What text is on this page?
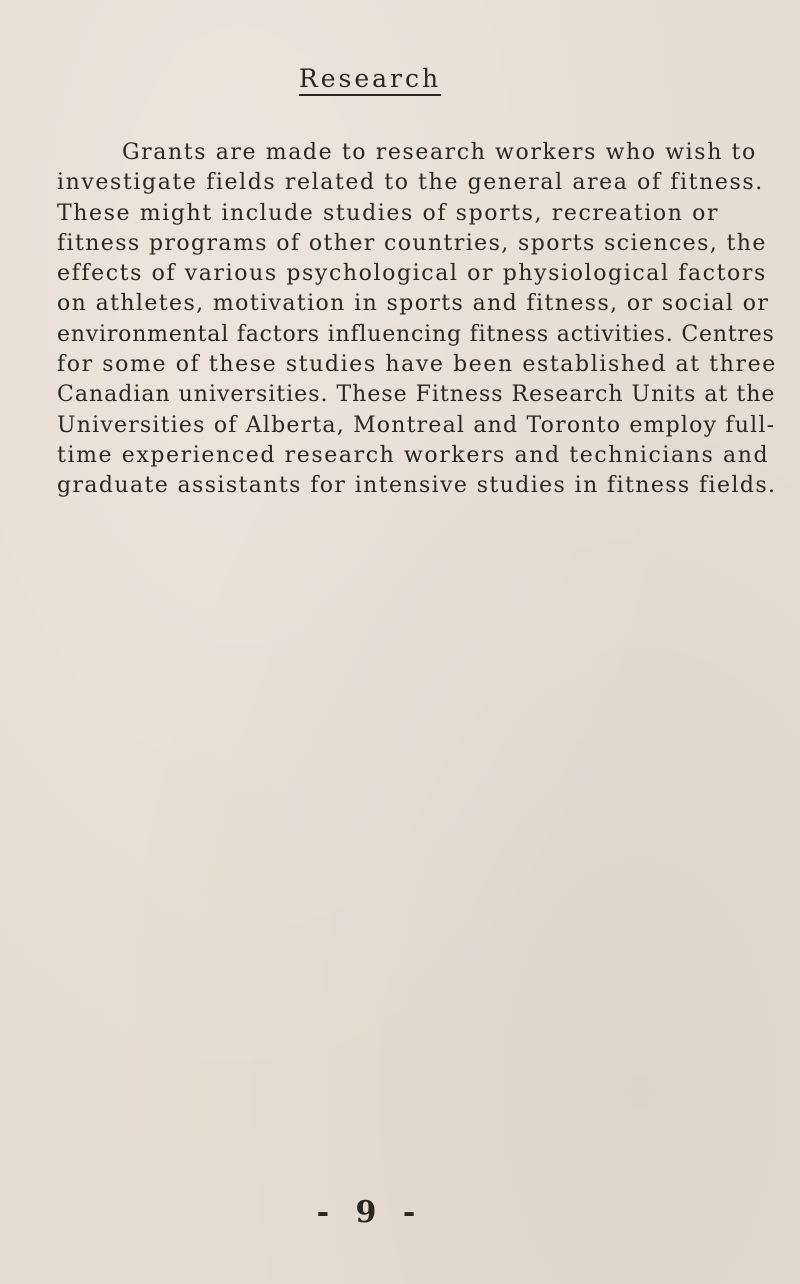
Research
Grants are made to research workers who wish to
investigate fields related to the general area of fitness.
These might include studies of sports, recreation or
fitness programs of other countries, sports sciences, the
effects of various psychological or physiological factors
on athletes, motivation in sports and fitness, or social or
environmental factors influencing fitness activities. Centres
for some of these studies have been established at three
Canadian universities. These Fitness Research Units at the
Universities of Alberta, Montreal and Toronto employ full-
time experienced research workers and technicians and
graduate assistants for intensive studies in fitness fields.
- 9 -
